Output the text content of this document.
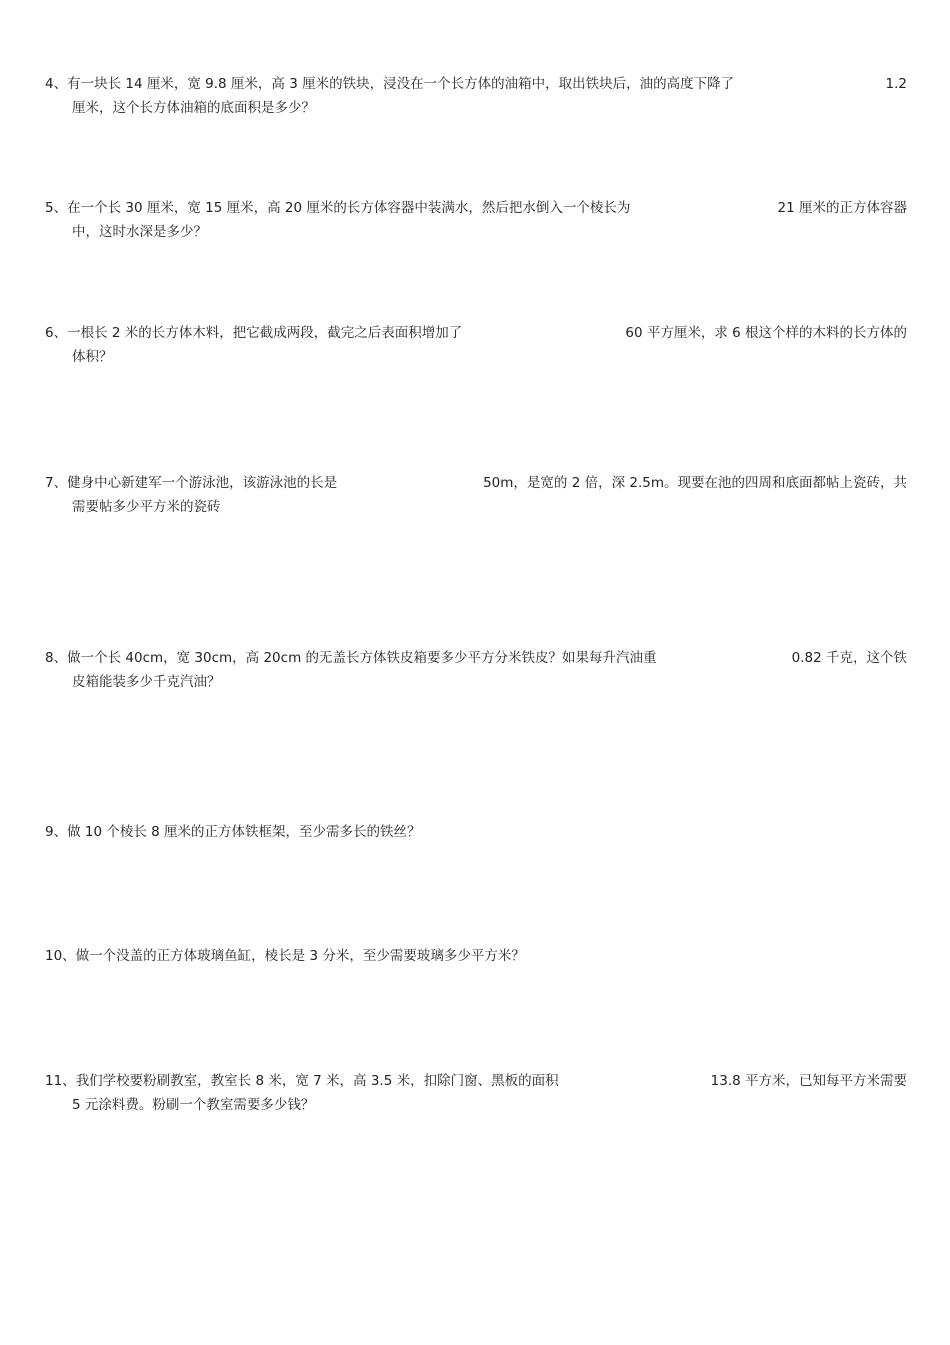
4、有一块长 14 厘米，宽 9.8 厘米，高 3 厘米的铁块，浸没在一个长方体的油箱中，取出铁块后，油的高度下降了	1.2
厘米，这个长方体油箱的底面积是多少？
5、在一个长 30 厘米，宽 15 厘米，高 20 厘米的长方体容器中装满水，然后把水倒入一个棱长为	21 厘米的正方体容器
中，这时水深是多少？
6、一根长 2 米的长方体木料，把它截成两段，截完之后表面积增加了	60 平方厘米，求 6 根这个样的木料的长方体的
体积？
7、健身中心新建军一个游泳池，该游泳池的长是	50m，是宽的 2 倍，深 2.5m。现要在池的四周和底面都帖上瓷砖，共
需要帖多少平方米的瓷砖
8、做一个长 40cm，宽 30cm，高 20cm 的无盖长方体铁皮箱要多少平方分米铁皮？如果每升汽油重	0.82 千克，这个铁
皮箱能装多少千克汽油？
9、做 10 个棱长 8 厘米的正方体铁框架，至少需多长的铁丝？
10、做一个没盖的正方体玻璃鱼缸，棱长是 3 分米，至少需要玻璃多少平方米？
11、我们学校要粉刷教室，教室长 8 米，宽 7 米，高 3.5 米，扣除门窗、黑板的面积	13.8 平方米，已知每平方米需要
5 元涂料费。粉刷一个教室需要多少钱？
